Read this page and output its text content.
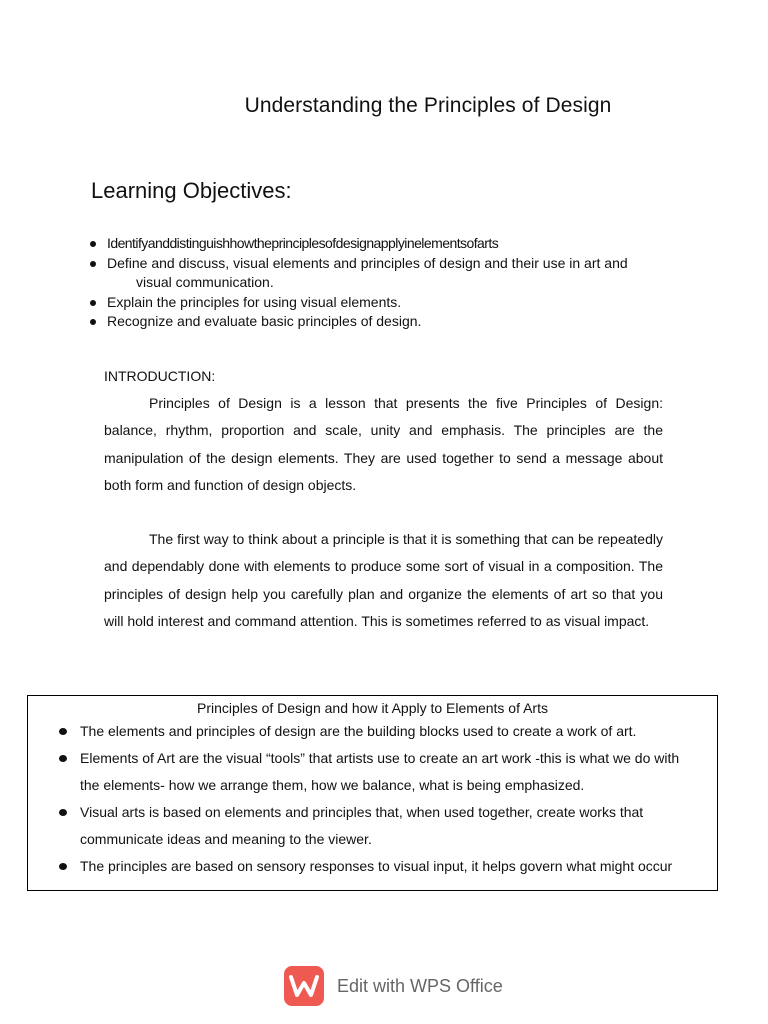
Understanding the Principles of Design
Learning Objectives:
Identifyanddistinguishhowtheprinciplesofdesignapplyinelementsofarts
Define and discuss, visual elements and principles of design and their use in art and
visual communication.
Explain the principles for using visual elements.
Recognize and evaluate basic principles of design.
INTRODUCTION:

Principles of Design is a lesson that presents the five Principles of Design: balance, rhythm, proportion and scale, unity and emphasis. The principles are the manipulation of the design elements. They are used together to send a message about both form and function of design objects.

The first way to think about a principle is that it is something that can be repeatedly and dependably done with elements to produce some sort of visual in a composition. The principles of design help you carefully plan and organize the elements of art so that you will hold interest and command attention. This is sometimes referred to as visual impact.

Principles of Design and how it Apply to Elements of Arts
The elements and principles of design are the building blocks used to create a work of art.
Elements of Art are the visual “tools” that artists use to create an art work -this is what we do with the elements- how we arrange them, how we balance, what is being emphasized.
Visual arts is based on elements and principles that, when used together, create works that communicate ideas and meaning to the viewer.
The principles are based on sensory responses to visual input, it helps govern what might occur
Edit with WPS Office
